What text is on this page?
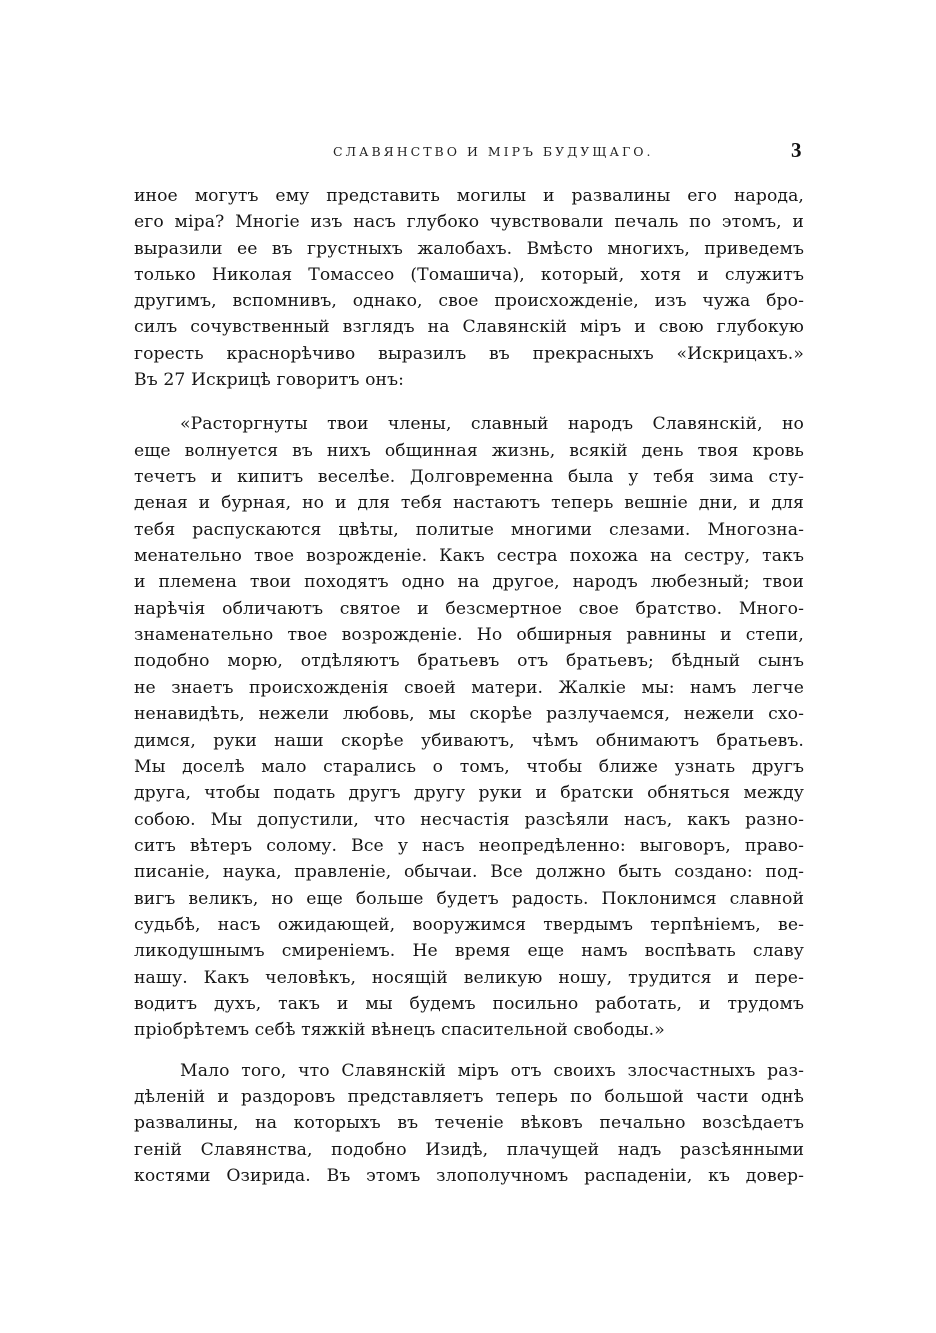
СЛАВЯНСТВО И МІРЪ БУДУЩАГО.	3
иное могутъ ему представить могилы и развалины его народа,
его міра? Многіе изъ насъ глубоко чувствовали печаль по этомъ, и
выразили ее въ грустныхъ жалобахъ. Вмѣсто многихъ, приведемъ
только Николая Томассео (Томашича), который, хотя и служитъ
другимъ, вспомнивъ, однако, свое происхожденіе, изъ чужа бро-
силъ сочувственный взглядъ на Славянскій міръ и свою глубокую
горесть краснорѣчиво выразилъ въ прекрасныхъ «Искрицахъ.»
Въ 27 Искрицѣ говоритъ онъ:
«Расторгнуты твои члены, славный народъ Славянскій, но
еще волнуется въ нихъ общинная жизнь, всякій день твоя кровь
течетъ и кипитъ веселѣе. Долговременна была у тебя зима сту-
деная и бурная, но и для тебя настаютъ теперь вешніе дни, и для
тебя распускаются цвѣты, политые многими слезами. Многозна-
менательно твое возрожденіе. Какъ сестра похожа на сестру, такъ
и племена твои походятъ одно на другое, народъ любезный; твои
нарѣчія обличаютъ святое и безсмертное свое братство. Много-
знаменательно твое возрожденіе. Но обширныя равнины и степи,
подобно морю, отдѣляютъ братьевъ отъ братьевъ; бѣдный сынъ
не знаетъ происхожденія своей матери. Жалкіе мы: намъ легче
ненавидѣть, нежели любовь, мы скорѣе разлучаемся, нежели схо-
димся, руки наши скорѣе убиваютъ, чѣмъ обнимаютъ братьевъ.
Мы доселѣ мало старались о томъ, чтобы ближе узнать другъ
друга, чтобы подать другъ другу руки и братски обняться между
собою. Мы допустили, что несчастія разсѣяли насъ, какъ разно-
ситъ вѣтеръ солому. Все у насъ неопредѣленно: выговоръ, право-
писаніе, наука, правленіе, обычаи. Все должно быть создано: под-
вигъ великъ, но еще больше будетъ радость. Поклонимся славной
судьбѣ, насъ ожидающей, вооружимся твердымъ терпѣніемъ, ве-
ликодушнымъ смиреніемъ. Не время еще намъ воспѣвать славу
нашу. Какъ человѣкъ, носящій великую ношу, трудится и пере-
водитъ духъ, такъ и мы будемъ посильно работать, и трудомъ
пріобрѣтемъ себѣ тяжкій вѣнецъ спасительной свободы.»
Мало того, что Славянскій міръ отъ своихъ злосчастныхъ раз-
дѣленій и раздоровъ представляетъ теперь по большой части однѣ
развалины, на которыхъ въ теченіе вѣковъ печально возсѣдаетъ
геній Славянства, подобно Изидѣ, плачущей надъ разсѣянными
костями Озирида. Въ этомъ злополучномъ распаденіи, къ довер-
